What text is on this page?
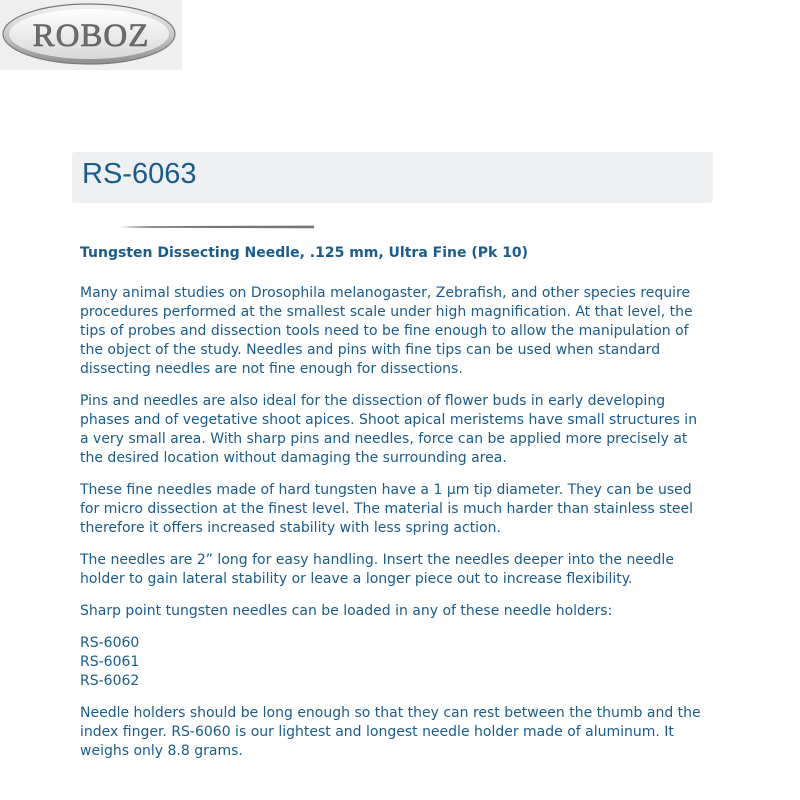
ROBOZ
RS-6063
Tungsten Dissecting Needle, .125 mm, Ultra Fine (Pk 10)

Many animal studies on Drosophila melanogaster, Zebrafish, and other species require procedures performed at the smallest scale under high magnification. At that level, the tips of probes and dissection tools need to be fine enough to allow the manipulation of the object of the study. Needles and pins with fine tips can be used when standard dissecting needles are not fine enough for dissections.

Pins and needles are also ideal for the dissection of flower buds in early developing phases and of vegetative shoot apices. Shoot apical meristems have small structures in a very small area. With sharp pins and needles, force can be applied more precisely at the desired location without damaging the surrounding area.

These fine needles made of hard tungsten have a 1 µm tip diameter. They can be used for micro dissection at the finest level. The material is much harder than stainless steel therefore it offers increased stability with less spring action.

The needles are 2” long for easy handling. Insert the needles deeper into the needle holder to gain lateral stability or leave a longer piece out to increase flexibility.

Sharp point tungsten needles can be loaded in any of these needle holders:

RS-6060
RS-6061
RS-6062

Needle holders should be long enough so that they can rest between the thumb and the index finger. RS-6060 is our lightest and longest needle holder made of aluminum. It weighs only 8.8 grams.
